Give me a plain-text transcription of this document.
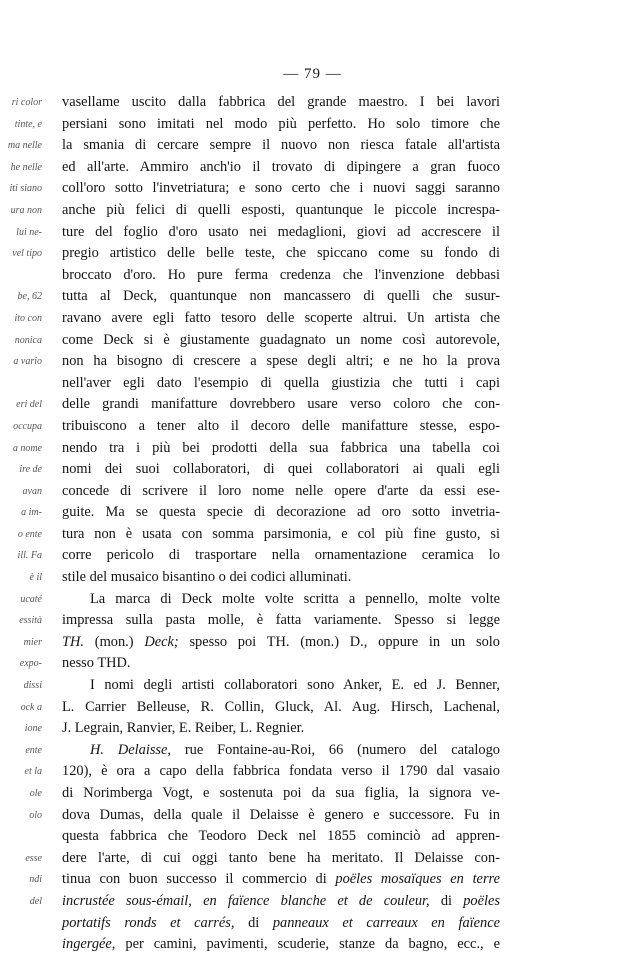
— 79 —
ri color
tinte, e
ma nelle
he nelle
iti siano
ura non
lui ne-
vel tipo
be, 62
ito con
nonica
a vario
eri del
occupa
a nome
ire de
avan
a im-
o ente
ill. Fa
è il
ucaté
essità
mier
expo-
dissi
ock a
ione
ente
et la
ole
olo
esse
ndi
del
vasellame uscito dalla fabbrica del grande maestro. I bei lavori
persiani sono imitati nel modo più perfetto. Ho solo timore che
la smania di cercare sempre il nuovo non riesca fatale all'artista
ed all'arte. Ammiro anch'io il trovato di dipingere a gran fuoco
coll'oro sotto l'invetriatura; e sono certo che i nuovi saggi saranno
anche più felici di quelli esposti, quantunque le piccole increspa-
ture del foglio d'oro usato nei medaglioni, giovi ad accrescere il
pregio artistico delle belle teste, che spiccano come su fondo di
broccato d'oro. Ho pure ferma credenza che l'invenzione debbasi
tutta al Deck, quantunque non mancassero di quelli che susur-
ravano avere egli fatto tesoro delle scoperte altrui. Un artista che
come Deck si è giustamente guadagnato un nome così autorevole,
non ha bisogno di crescere a spese degli altri; e ne ho la prova
nell'aver egli dato l'esempio di quella giustizia che tutti i capi
delle grandi manifatture dovrebbero usare verso coloro che con-
tribuiscono a tener alto il decoro delle manifatture stesse, espo-
nendo tra i più bei prodotti della sua fabbrica una tabella coi
nomi dei suoi collaboratori, di quei collaboratori ai quali egli
concede di scrivere il loro nome nelle opere d'arte da essi ese-
guite. Ma se questa specie di decorazione ad oro sotto invetria-
tura non è usata con somma parsimonia, e col più fine gusto, si
corre pericolo di trasportare nella ornamentazione ceramica lo
stile del musaico bisantino o dei codici alluminati.
La marca di Deck molte volte scritta a pennello, molte volte
impressa sulla pasta molle, è fatta variamente. Spesso si legge
TH. (mon.) Deck; spesso poi TH. (mon.) D., oppure in un solo
nesso THD.
I nomi degli artisti collaboratori sono Anker, E. ed J. Benner,
L. Carrier Belleuse, R. Collin, Gluck, Al. Aug. Hirsch, Lachenal,
J. Legrain, Ranvier, E. Reiber, L. Regnier.
H. Delaisse, rue Fontaine-au-Roi, 66 (numero del catalogo
120), è ora a capo della fabbrica fondata verso il 1790 dal vasaio
di Norimberga Vogt, e sostenuta poi da sua figlia, la signora ve-
dova Dumas, della quale il Delaisse è genero e successore. Fu in
questa fabbrica che Teodoro Deck nel 1855 cominciò ad appren-
dere l'arte, di cui oggi tanto bene ha meritato. Il Delaisse con-
tinua con buon successo il commercio di poëles mosaïques en terre
incrustée sous-émail, en faïence blanche et de couleur, di poëles
portatifs ronds et carrés, di panneaux et carreaux en faïence
ingergée, per camini, pavimenti, scuderie, stanze da bagno, ecc., e
